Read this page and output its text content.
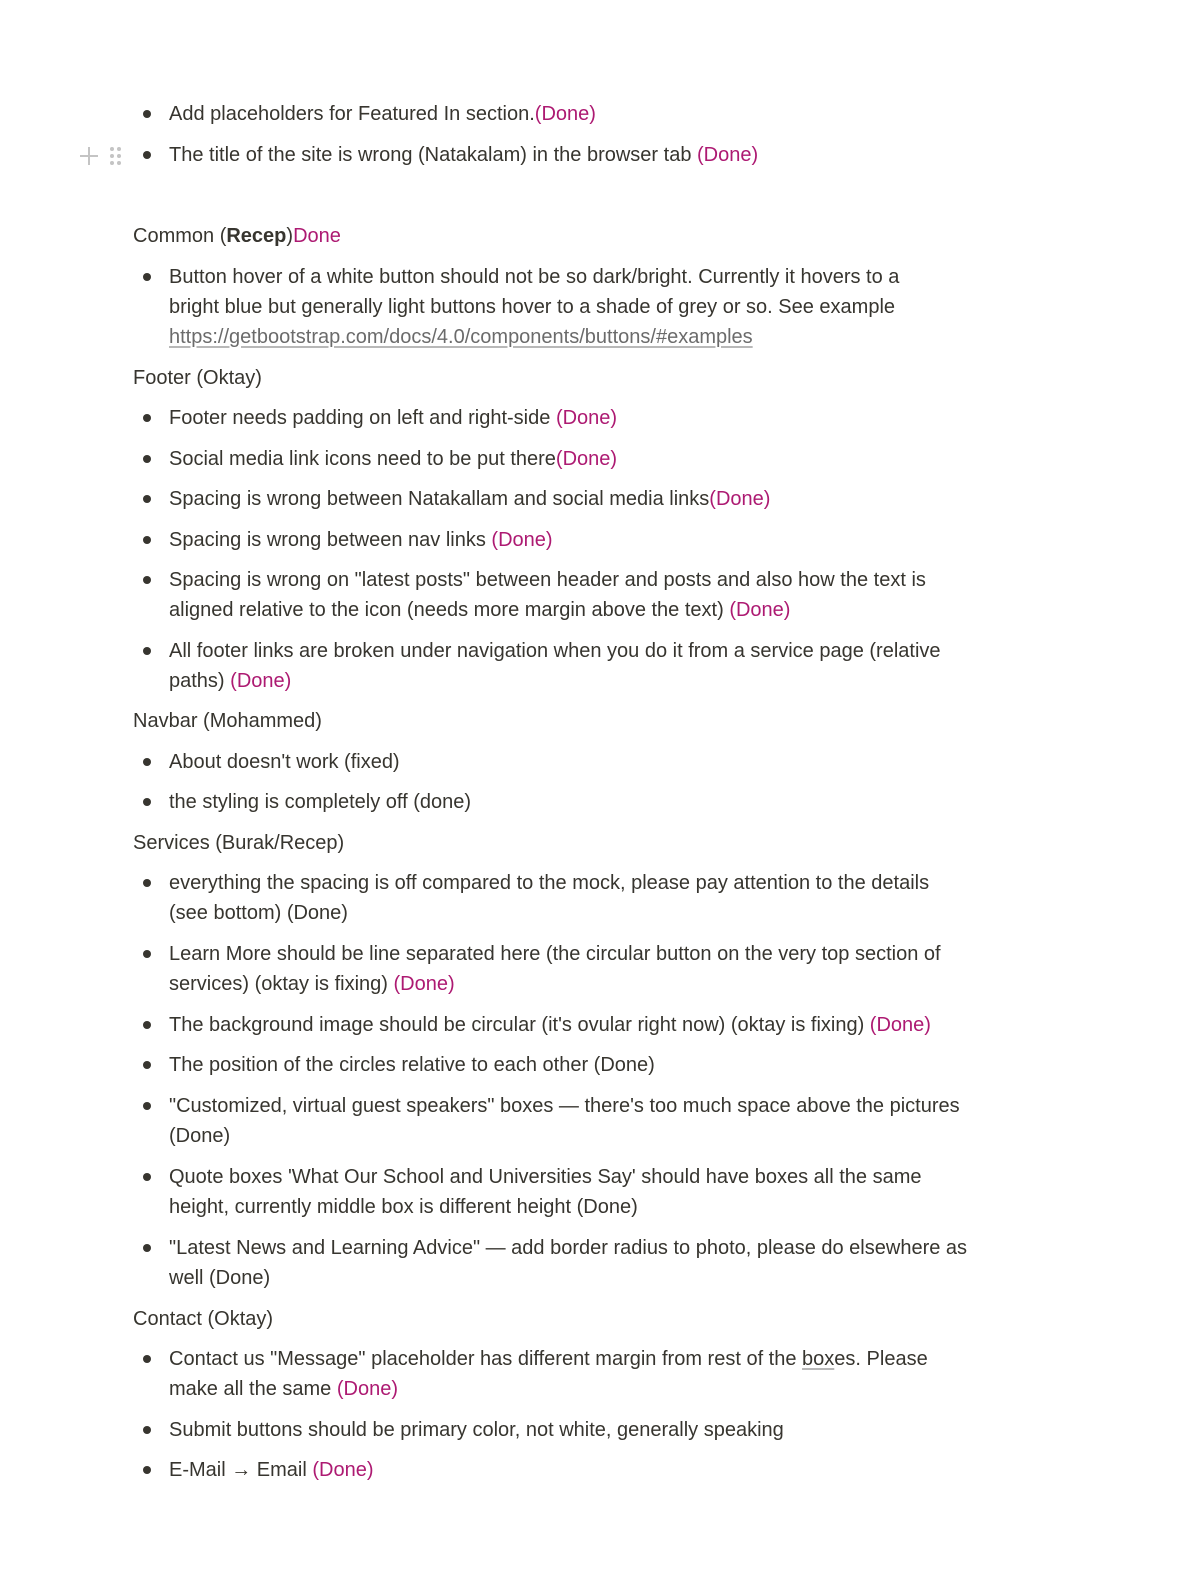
Add placeholders for Featured In section.(Done)
The title of the site is wrong (Natakalam) in the browser tab (Done)
Common (Recep)Done
Button hover of a white button should not be so dark/bright. Currently it hovers to a
bright blue but generally light buttons hover to a shade of grey or so. See example
https://getbootstrap.com/docs/4.0/components/buttons/#examples
Footer (Oktay)
Footer needs padding on left and right-side (Done)
Social media link icons need to be put there(Done)
Spacing is wrong between Natakallam and social media links(Done)
Spacing is wrong between nav links (Done)
Spacing is wrong on "latest posts" between header and posts and also how the text is
aligned relative to the icon (needs more margin above the text) (Done)
All footer links are broken under navigation when you do it from a service page (relative
paths) (Done)
Navbar (Mohammed)
About doesn't work (fixed)
the styling is completely off (done)
Services (Burak/Recep)
everything the spacing is off compared to the mock, please pay attention to the details
(see bottom) (Done)
Learn More should be line separated here (the circular button on the very top section of
services) (oktay is fixing) (Done)
The background image should be circular (it's ovular right now) (oktay is fixing) (Done)
The position of the circles relative to each other (Done)
"Customized, virtual guest speakers" boxes — there's too much space above the pictures
(Done)
Quote boxes 'What Our School and Universities Say' should have boxes all the same
height, currently middle box is different height (Done)
"Latest News and Learning Advice" — add border radius to photo, please do elsewhere as
well (Done)
Contact (Oktay)
Contact us "Message" placeholder has different margin from rest of the boxes. Please
make all the same (Done)
Submit buttons should be primary color, not white, generally speaking
E-Mail → Email (Done)
